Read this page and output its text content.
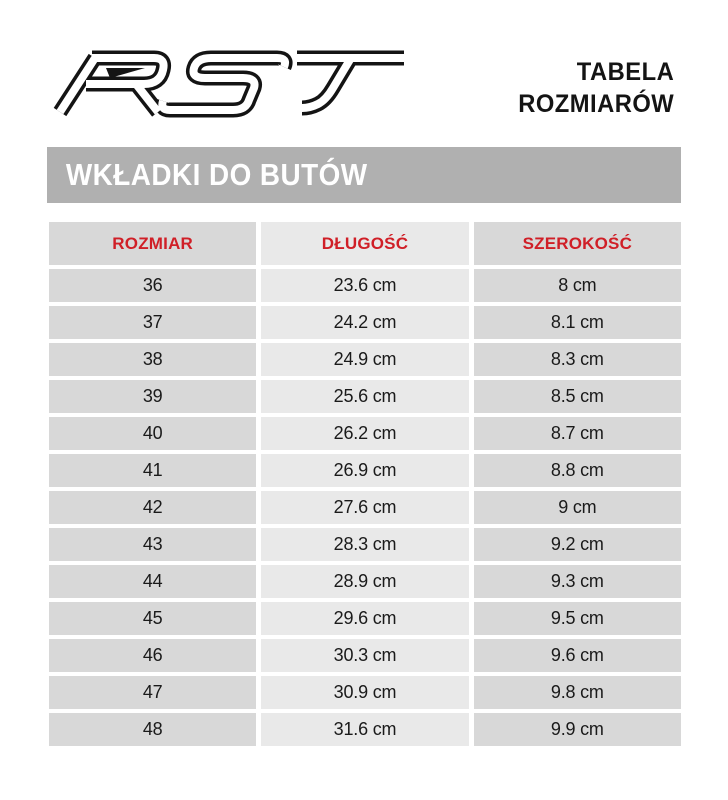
TABELA
ROZMIARÓW
WKŁADKI DO BUTÓW
ROZMIAR	DŁUGOŚĆ	SZEROKOŚĆ
36	23.6 cm	8 cm
37	24.2 cm	8.1 cm
38	24.9 cm	8.3 cm
39	25.6 cm	8.5 cm
40	26.2 cm	8.7 cm
41	26.9 cm	8.8 cm
42	27.6 cm	9 cm
43	28.3 cm	9.2 cm
44	28.9 cm	9.3 cm
45	29.6 cm	9.5 cm
46	30.3 cm	9.6 cm
47	30.9 cm	9.8 cm
48	31.6 cm	9.9 cm
